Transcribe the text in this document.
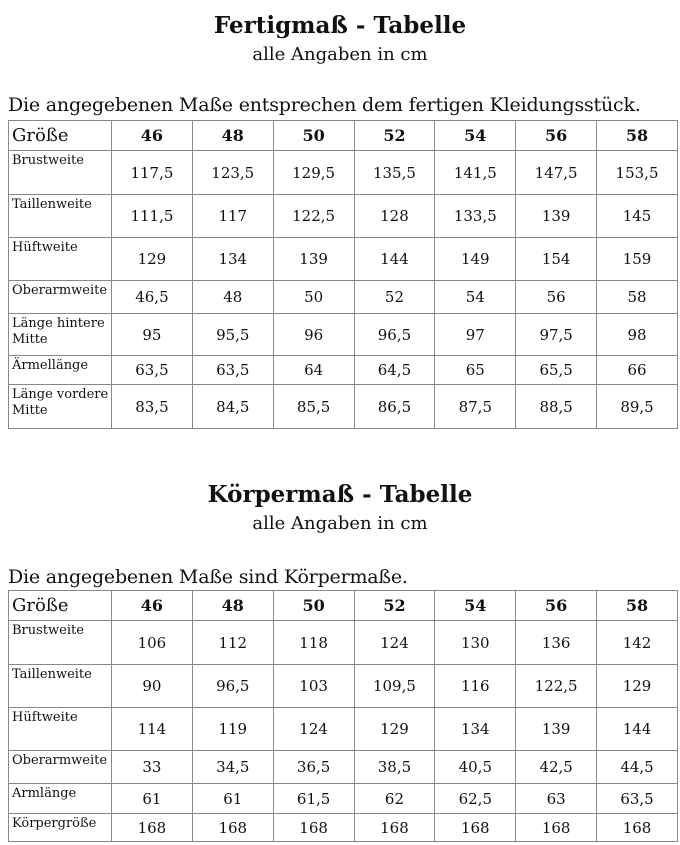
Fertigmaß - Tabelle
alle Angaben in cm
Die angegebenen Maße entsprechen dem fertigen Kleidungsstück.
Größe	46	48	50	52	54	56	58
Brustweite	117,5	123,5	129,5	135,5	141,5	147,5	153,5
Taillenweite	111,5	117	122,5	128	133,5	139	145
Hüftweite	129	134	139	144	149	154	159
Oberarmweite	46,5	48	50	52	54	56	58
Länge hintere Mitte	95	95,5	96	96,5	97	97,5	98
Ärmellänge	63,5	63,5	64	64,5	65	65,5	66
Länge vordere Mitte	83,5	84,5	85,5	86,5	87,5	88,5	89,5
Körpermaß - Tabelle
alle Angaben in cm
Die angegebenen Maße sind Körpermaße.
Größe	46	48	50	52	54	56	58
Brustweite	106	112	118	124	130	136	142
Taillenweite	90	96,5	103	109,5	116	122,5	129
Hüftweite	114	119	124	129	134	139	144
Oberarmweite	33	34,5	36,5	38,5	40,5	42,5	44,5
Armlänge	61	61	61,5	62	62,5	63	63,5
Körpergröße	168	168	168	168	168	168	168
